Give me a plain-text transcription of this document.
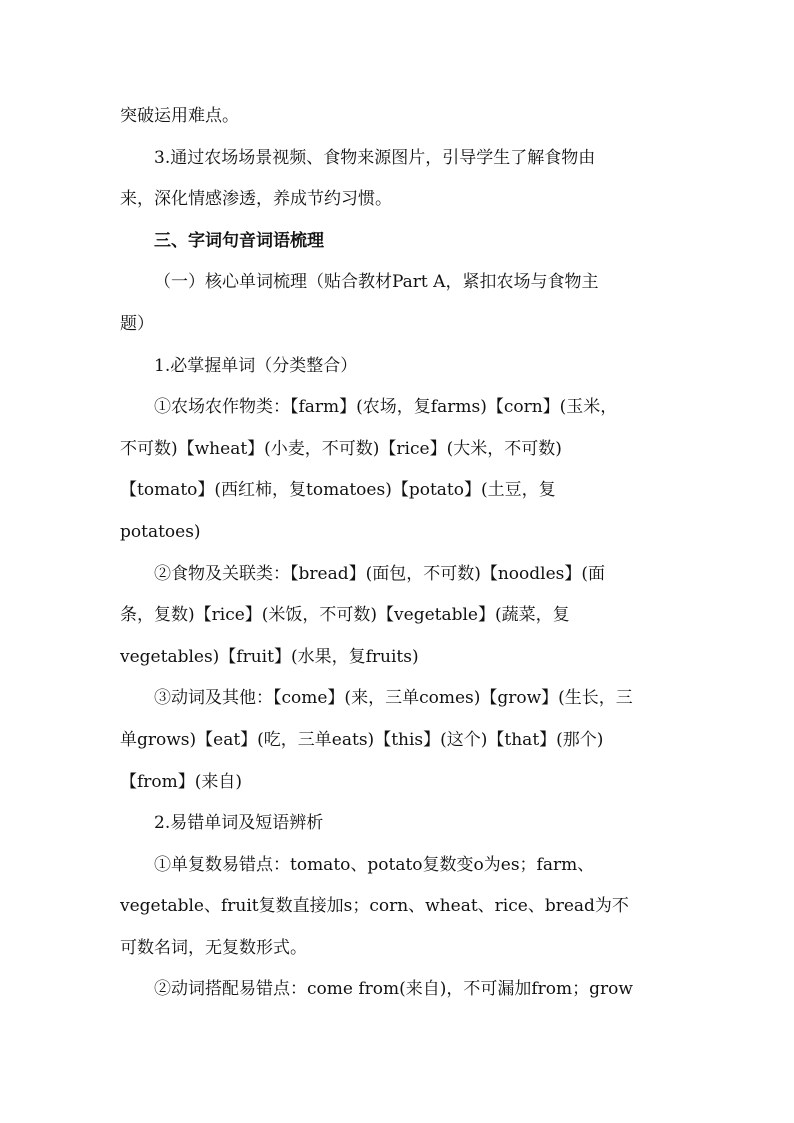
突破运用难点。
3.通过农场场景视频、食物来源图片，引导学生了解食物由
来，深化情感渗透，养成节约习惯。
三、字词句音词语梳理
（一）核心单词梳理（贴合教材Part A，紧扣农场与食物主
题）
1.必掌握单词（分类整合）
①农场农作物类：【farm】(农场，复farms)【corn】(玉米，
不可数)【wheat】(小麦，不可数)【rice】(大米，不可数)
【tomato】(西红柿，复tomatoes)【potato】(土豆，复
potatoes)
②食物及关联类：【bread】(面包，不可数)【noodles】(面
条，复数)【rice】(米饭，不可数)【vegetable】(蔬菜，复
vegetables)【fruit】(水果，复fruits)
③动词及其他：【come】(来，三单comes)【grow】(生长，三
单grows)【eat】(吃，三单eats)【this】(这个)【that】(那个)
【from】(来自)
2.易错单词及短语辨析
①单复数易错点：tomato、potato复数变o为es；farm、
vegetable、fruit复数直接加s；corn、wheat、rice、bread为不
可数名词，无复数形式。
②动词搭配易错点：come from(来自)，不可漏加from；grow
